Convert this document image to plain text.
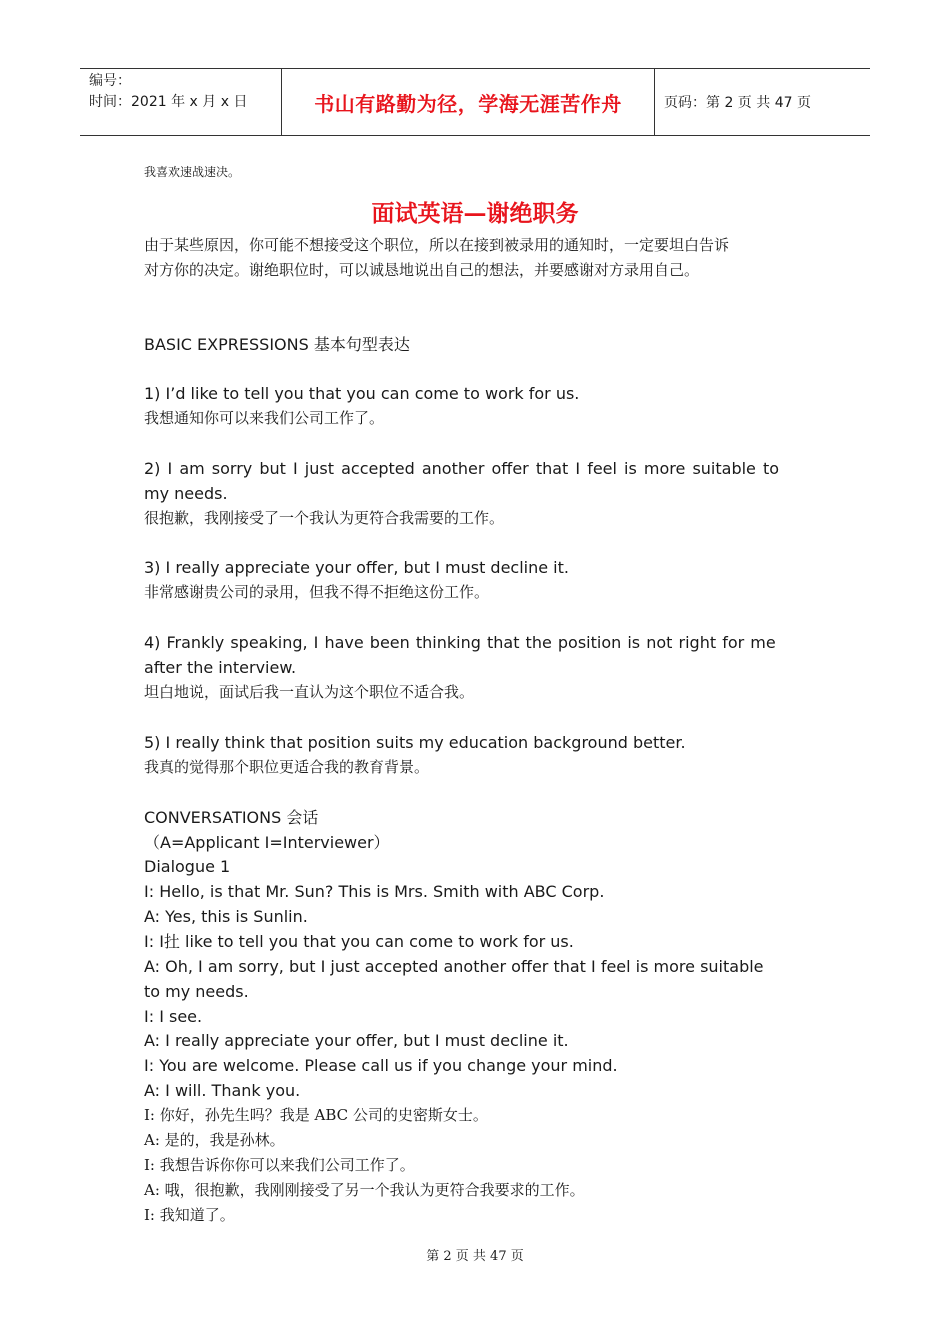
编号：
时间：2021 年 x 月 x 日	书山有路勤为径，学海无涯苦作舟	页码：第 2 页 共 47 页
我喜欢速战速决。
面试英语—谢绝职务
由于某些原因，你可能不想接受这个职位，所以在接到被录用的通知时，一定要坦白告诉
对方你的决定。谢绝职位时，可以诚恳地说出自己的想法，并要感谢对方录用自己。
BASIC EXPRESSIONS 基本句型表达
1) I’d like to tell you that you can come to work for us.
我想通知你可以来我们公司工作了。
2) I am sorry but I just accepted another offer that I feel is more suitable to
my needs.
很抱歉，我刚接受了一个我认为更符合我需要的工作。
3) I really appreciate your offer, but I must decline it.
非常感谢贵公司的录用，但我不得不拒绝这份工作。
4) Frankly speaking, I have been thinking that the position is not right for me
after the interview.
坦白地说，面试后我一直认为这个职位不适合我。
5) I really think that position suits my education background better.
我真的觉得那个职位更适合我的教育背景。
CONVERSATIONS 会话
（A=Applicant I=Interviewer）
Dialogue 1
I: Hello, is that Mr. Sun? This is Mrs. Smith with ABC Corp.
A: Yes, this is Sunlin.
I: I扗 like to tell you that you can come to work for us.
A: Oh, I am sorry, but I just accepted another offer that I feel is more suitable
to my needs.
I: I see.
A: I really appreciate your offer, but I must decline it.
I: You are welcome. Please call us if you change your mind.
A: I will. Thank you.
I: 你好，孙先生吗？我是 ABC 公司的史密斯女士。
A: 是的，我是孙林。
I: 我想告诉你你可以来我们公司工作了。
A: 哦，很抱歉，我刚刚接受了另一个我认为更符合我要求的工作。
I: 我知道了。
第 2 页 共 47 页
